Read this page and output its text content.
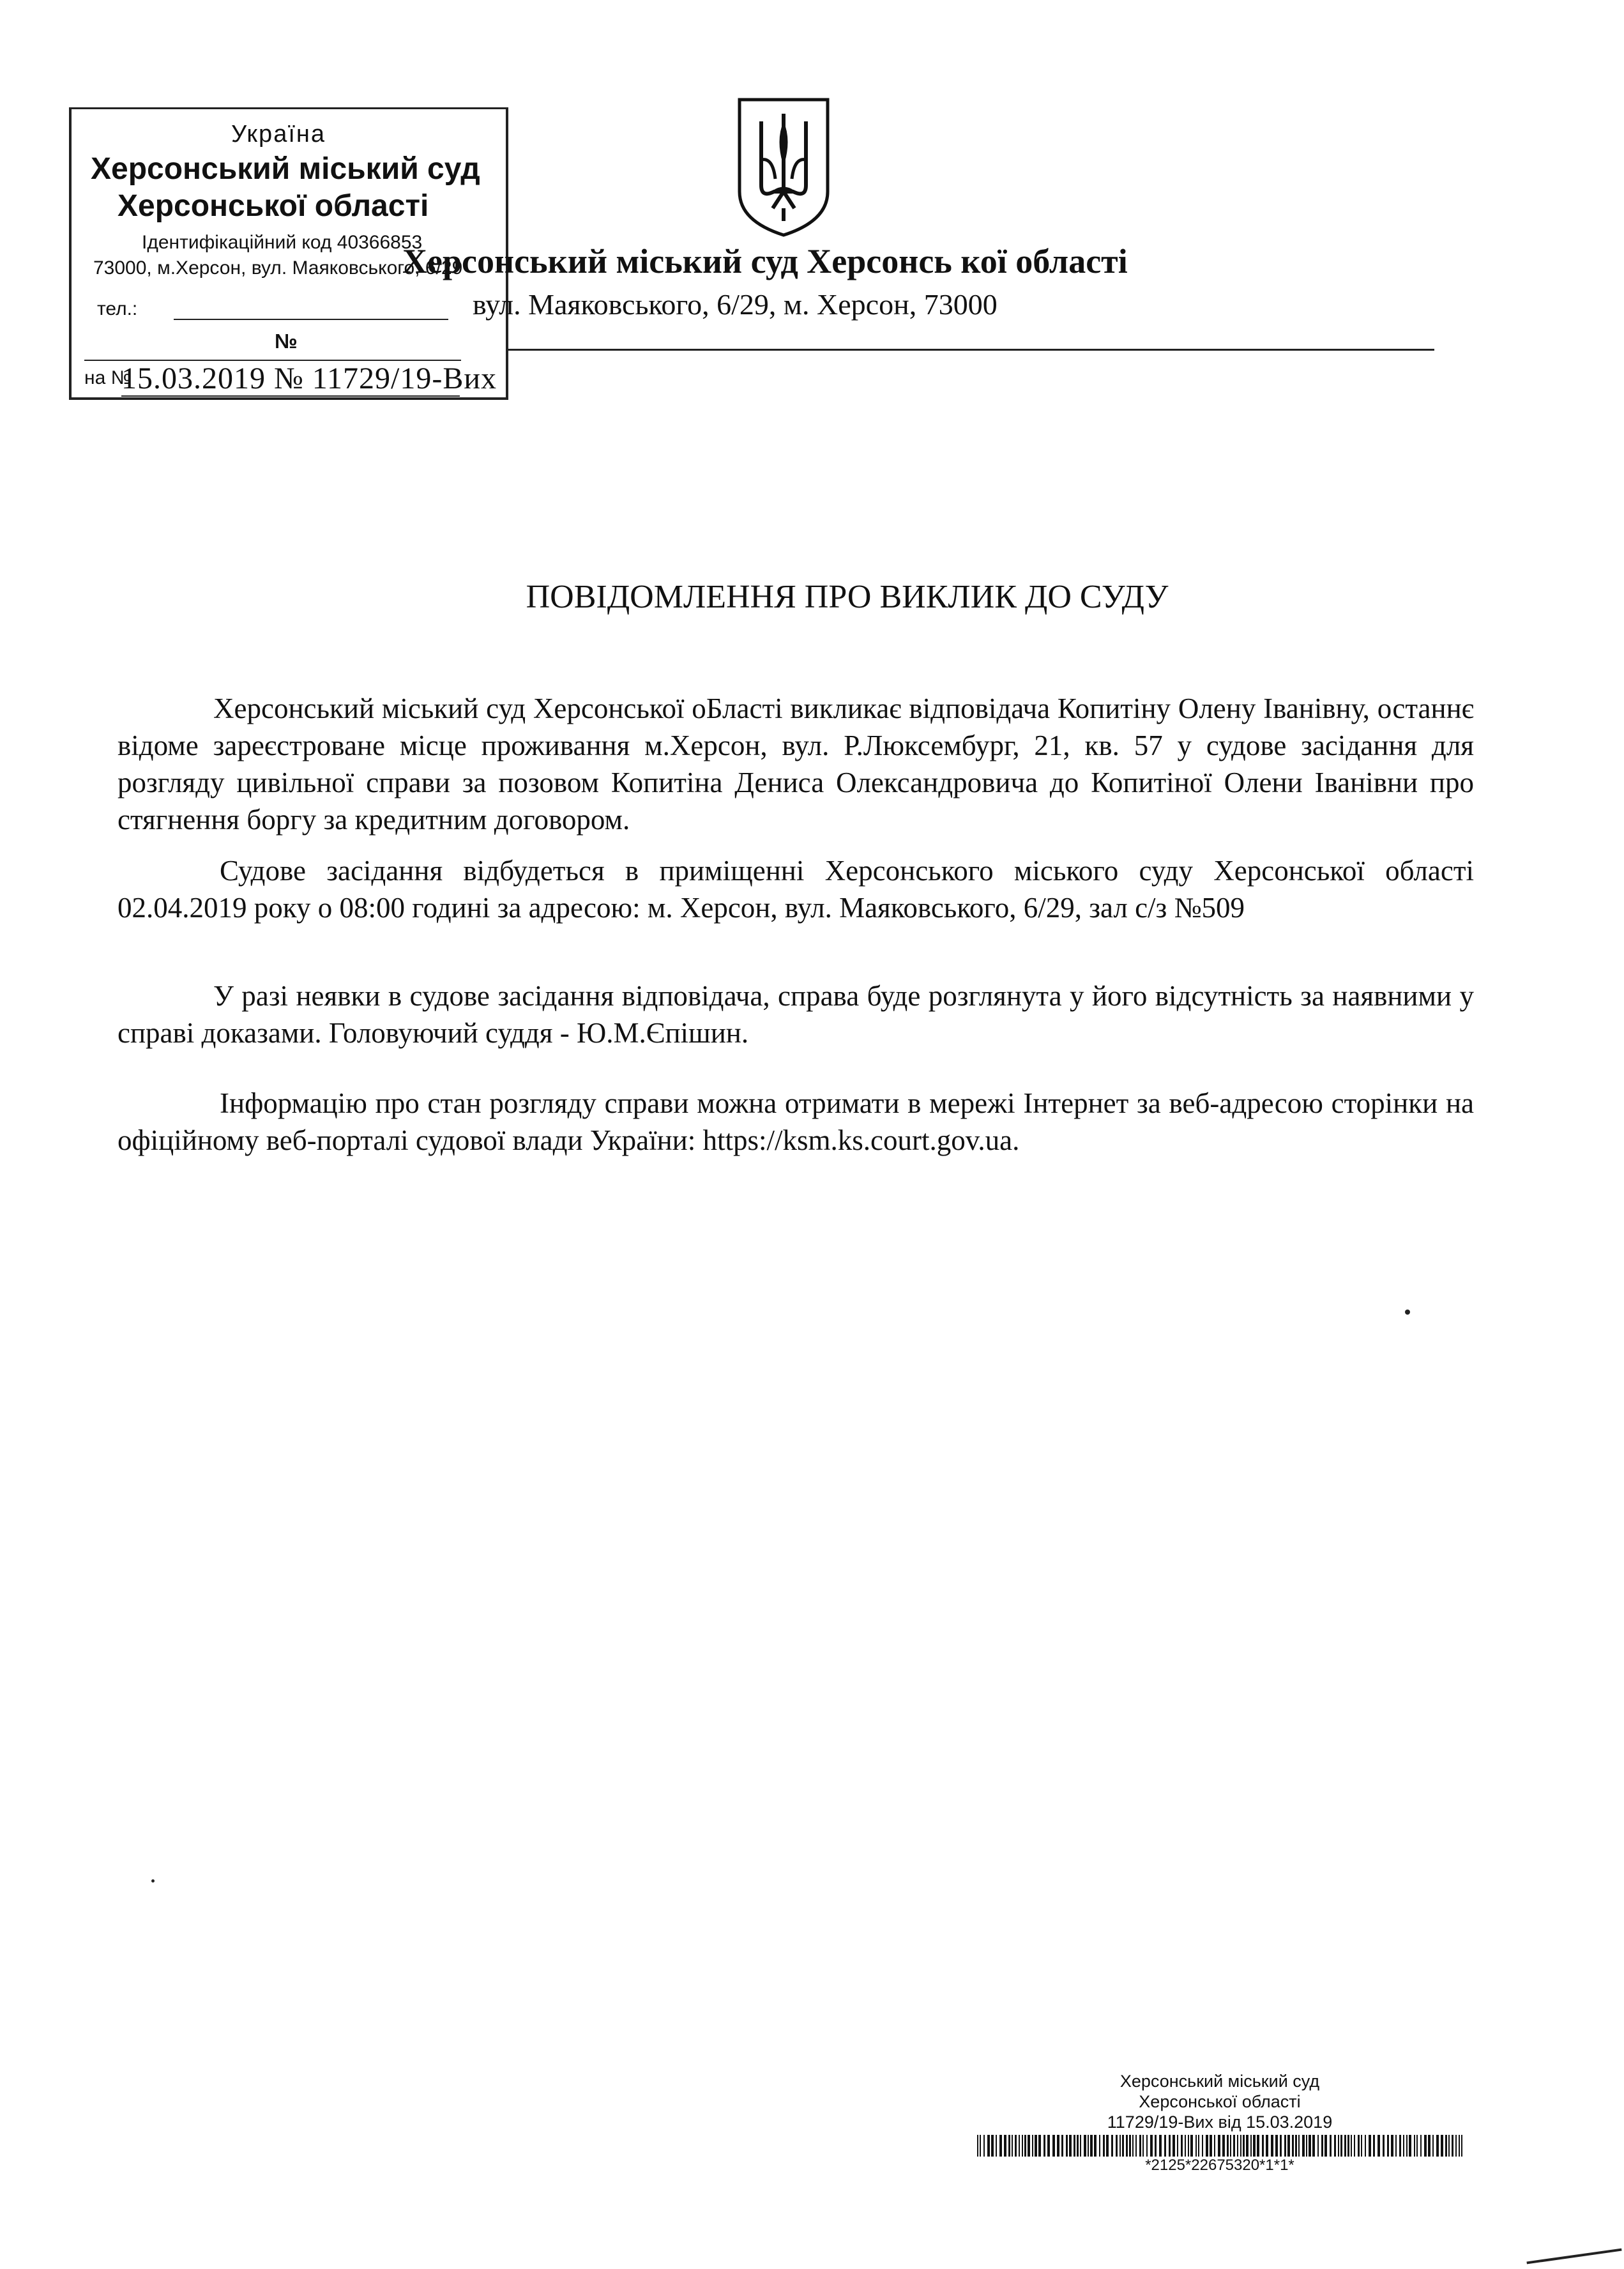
Україна
Херсонський міський суд
Херсонської області
Ідентифікаційний код 40366853
73000, м.Херсон, вул. Маяковського, 6/29
тел.:
№
на №
15.03.2019 № 11729/19-Вих
Херсонський міський суд Херсонсь кої області
вул. Маяковського, 6/29, м. Херсон, 73000
ПОВІДОМЛЕННЯ ПРО ВИКЛИК ДО СУДУ
Херсонський міський суд Херсонської оБласті викликає відповідача Копитіну Олену Іванівну, останнє відоме зареєстроване місце проживання м.Херсон, вул. Р.Люксембург, 21, кв. 57 у судове засідання для розгляду цивільної справи за позовом Копитіна Дениса Олександровича до Копитіної Олени Іванівни про стягнення боргу за кредитним договором.
Судове засідання відбудеться в приміщенні Херсонського міського суду Херсонської області 02.04.2019 року о 08:00 годині за адресою: м. Херсон, вул. Маяковського, 6/29, зал с/з №509
У разі неявки в судове засідання відповідача, справа буде розглянута у його відсутність за наявними у справі доказами. Головуючий суддя - Ю.М.Єпішин.
Інформацію про стан розгляду справи можна отримати в мережі Інтернет за веб-адресою сторінки на офіційному веб-порталі судової влади України: https://ksm.ks.court.gov.ua.
Херсонський міський суд
Херсонської області
11729/19-Вих від 15.03.2019
*2125*22675320*1*1*
